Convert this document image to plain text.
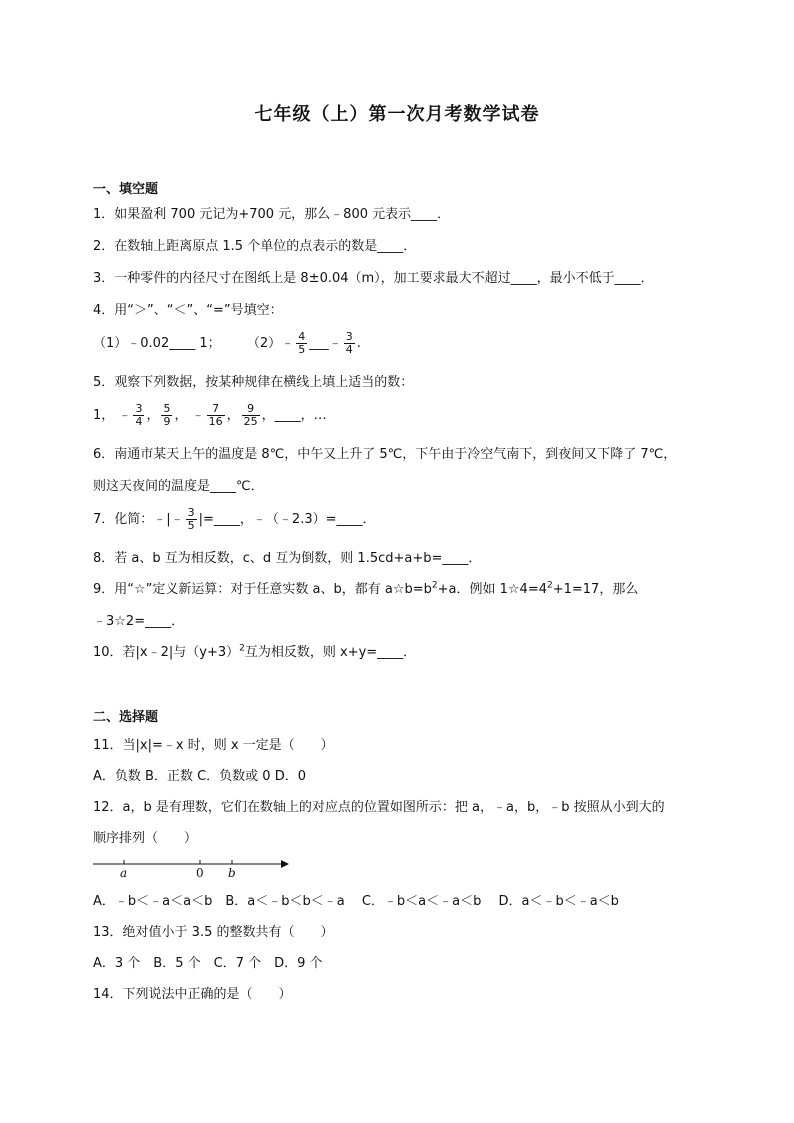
七年级（上）第一次月考数学试卷
一、填空题
1．如果盈利 700 元记为+700 元，那么﹣800 元表示____．
2．在数轴上距离原点 1.5 个单位的点表示的数是____．
3．一种零件的内径尺寸在图纸上是 8±0.04（m），加工要求最大不超过____，最小不低于____．
4．用“＞”、“＜”、“=”号填空：
（1）﹣0.02____ 1； （2）﹣ $\frac{4}{5}$ ___﹣ $\frac{3}{4}$ .
5．观察下列数据，按某种规律在横线上填上适当的数：
1， ﹣ $\frac{3}{4}$ ， $\frac{5}{9}$ ， ﹣ $\frac{7}{16}$ ， $\frac{9}{25}$ ，____，…
6．南通市某天上午的温度是 8℃，中午又上升了 5℃，下午由于冷空气南下，到夜间又下降了 7℃，
则这天夜间的温度是____℃．
7．化简：﹣|﹣ $\frac{3}{5}$ |=____，﹣（﹣2.3）=____．
8．若 a、b 互为相反数，c、d 互为倒数，则 1.5cd+a+b=____．
9．用“☆”定义新运算：对于任意实数 a、b，都有 $a☆b=b^2+a$．例如 $1☆4=4^2+1=17$，那么
﹣3☆2=____．
10．若|x﹣2|与$(y+3)^2$互为相反数，则 x+y=____．
二、选择题
11．当|x|=﹣x 时，则 x 一定是（　　）
A．负数 B．正数 C．负数或 0 D．0
12．a，b 是有理数，它们在数轴上的对应点的位置如图所示：把 a，﹣a，b，﹣b 按照从小到大的
顺序排列（　　）
a	0 b
A．﹣b＜﹣a＜a＜b　B．a＜﹣b＜b＜﹣a　 C．﹣b＜a＜﹣a＜b　 D．a＜﹣b＜﹣a＜b
13．绝对值小于 3.5 的整数共有（　　）
A．3 个　B．5 个　C．7 个　D．9 个
14．下列说法中正确的是（　　）
